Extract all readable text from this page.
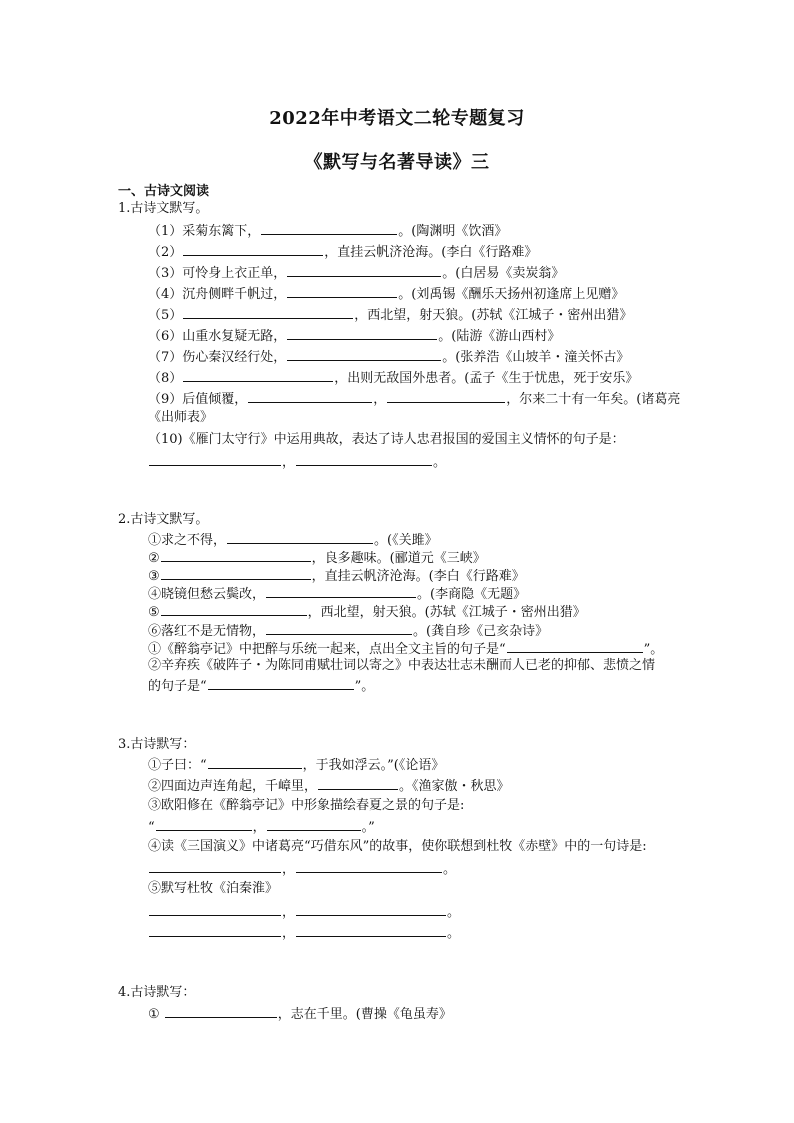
2022年中考语文二轮专题复习
《默写与名著导读》三
一、古诗文阅读
1.古诗文默写。
（1）采菊东篱下，	。(陶渊明《饮酒》
（2）	，直挂云帆济沧海。(李白《行路难》
（3）可怜身上衣正单，	。(白居易《卖炭翁》
（4）沉舟侧畔千帆过，	。(刘禹锡《酬乐天扬州初逢席上见赠》
（5）	，西北望，射天狼。(苏轼《江城子・密州出猎》
（6）山重水复疑无路，	。(陆游《游山西村》
（7）伤心秦汉经行处，	。(张养浩《山坡羊・潼关怀古》
（8）	，出则无敌国外患者。(孟子《生于忧患，死于安乐》
（9）后值倾覆，	，	，尔来二十有一年矣。(诸葛亮
《出师表》
（10)《雁门太守行》中运用典故，表达了诗人忠君报国的爱国主义情怀的句子是：
，	。
2.古诗文默写。
①求之不得，	。(《关雎》
②	，良多趣味。(郦道元《三峡》
③	，直挂云帆济沧海。(李白《行路难》
④晓镜但愁云鬓改，	。(李商隐《无题》
⑤	，西北望，射天狼。(苏轼《江城子・密州出猎》
⑥落红不是无情物，	。(龚自珍《己亥杂诗》
①《醉翁亭记》中把醉与乐统一起来，点出全文主旨的句子是“	”。
②辛弃疾《破阵子・为陈同甫赋壮词以寄之》中表达壮志未酬而人已老的抑郁、悲愤之情
的句子是“	”。
3.古诗默写：
①子曰：“	，于我如浮云。”(《论语》
②四面边声连角起，千嶂里，	。《渔家傲・秋思》
③欧阳修在《醉翁亭记》中形象描绘春夏之景的句子是:
“	，	。”
④读《三国演义》中诸葛亮“巧借东风”的故事，使你联想到杜牧《赤壁》中的一句诗是:
，	。
⑤默写杜牧《泊秦淮》
，	。
，	。
4.古诗默写：
①	，志在千里。(曹操《龟虽寿》
